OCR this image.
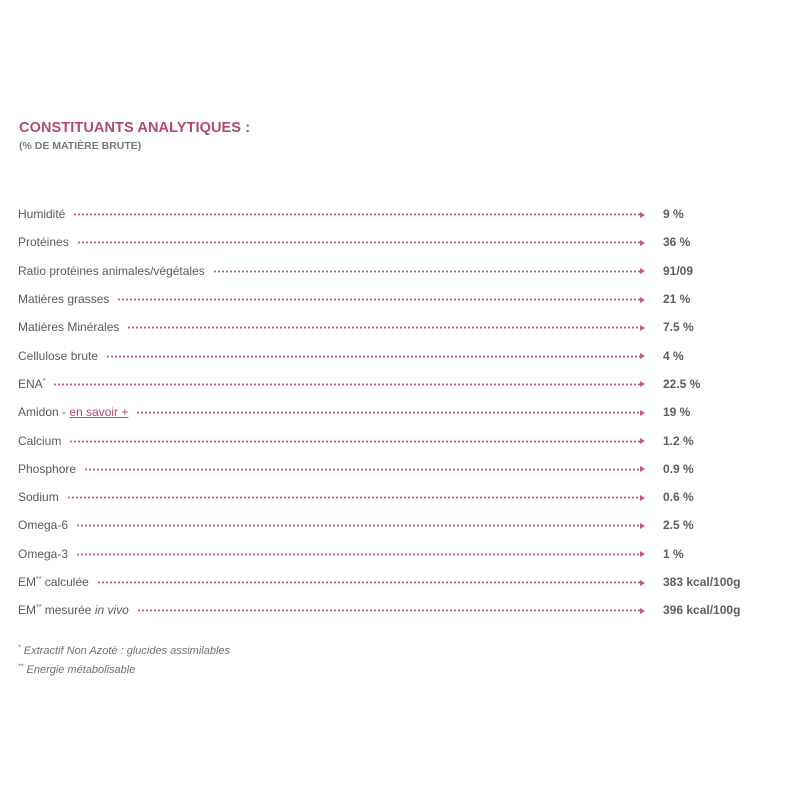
CONSTITUANTS ANALYTIQUES :
(% DE MATIÈRE BRUTE)
Humidité	9 %
Protéines	36 %
Ratio protéines animales/végétales	91/09
Matières grasses	21 %
Matières Minérales	7.5 %
Cellulose brute	4 %
ENA*	22.5 %
Amidon - en savoir +	19 %
Calcium	1.2 %
Phosphore	0.9 %
Sodium	0.6 %
Omega-6	2.5 %
Omega-3	1 %
EM** calculée	383 kcal/100g
EM** mesurée in vivo	396 kcal/100g
* Extractif Non Azoté : glucides assimilables
** Energie métabolisable
